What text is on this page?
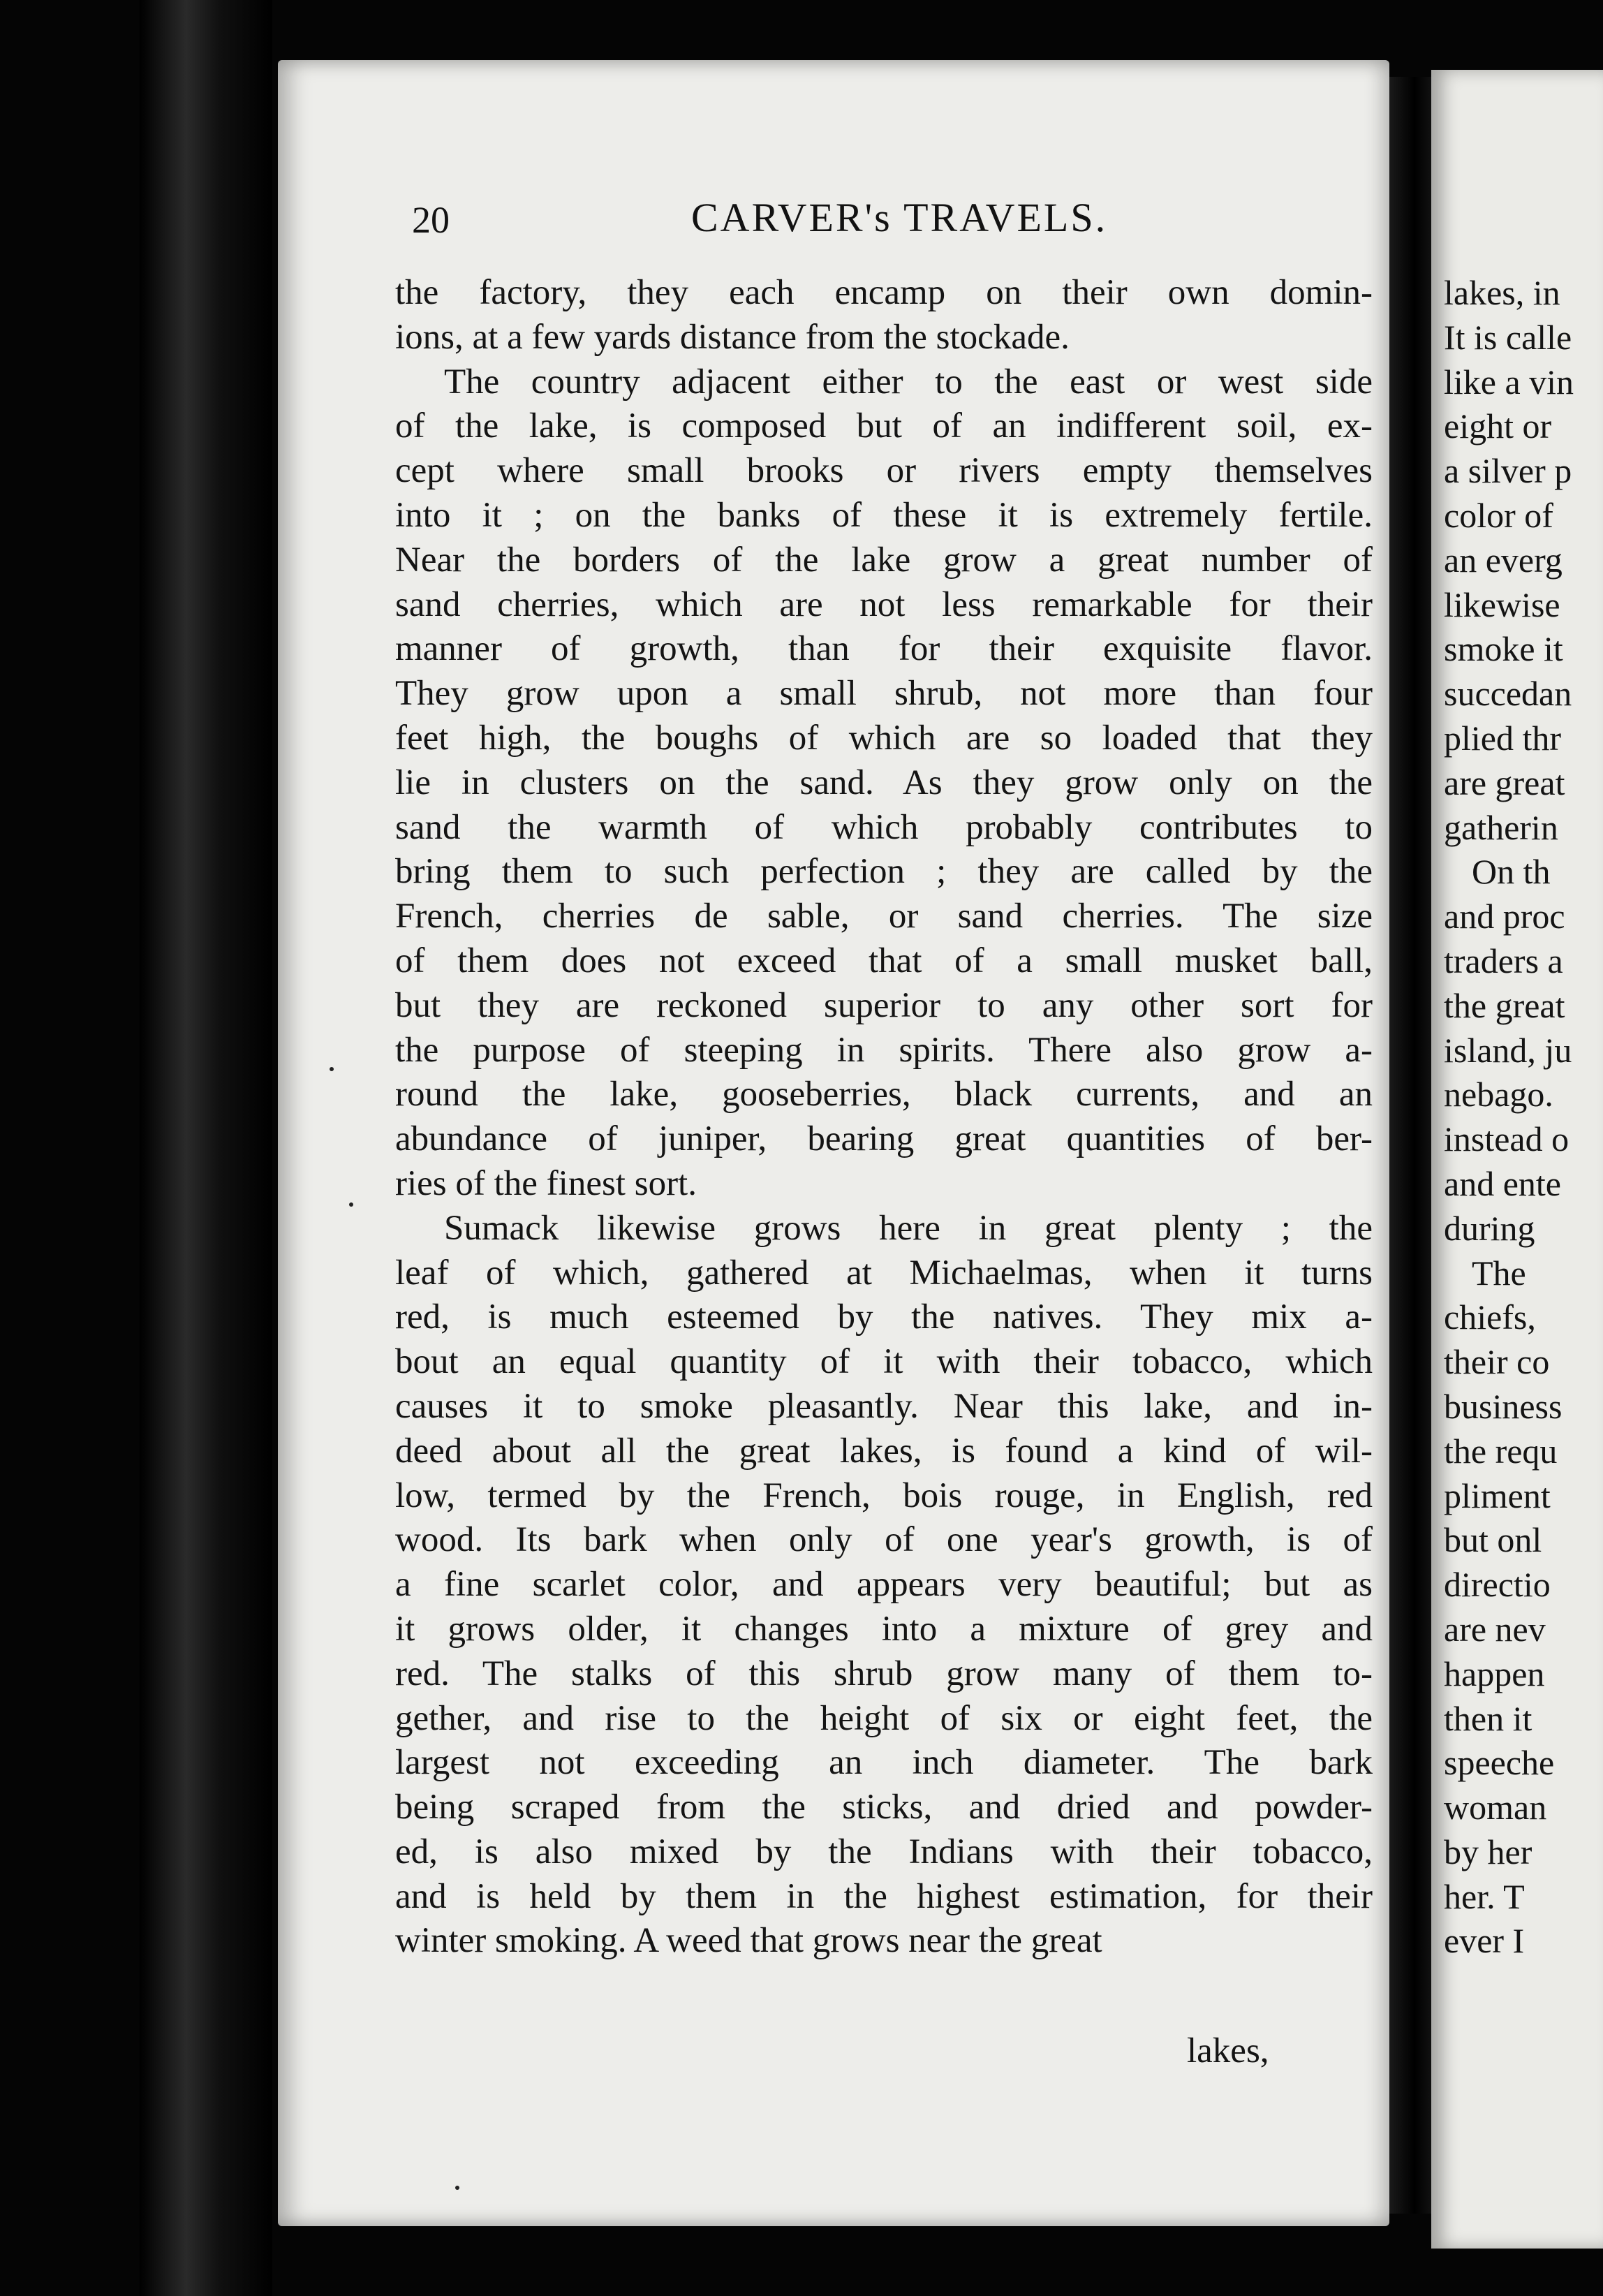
20	CARVER's TRAVELS.
the factory, they each encamp on their own domin-
ions, at a few yards distance from the stockade.
The country adjacent either to the east or west side
of the lake, is composed but of an indifferent soil, ex-
cept where small brooks or rivers empty themselves
into it ; on the banks of these it is extremely fertile.
Near the borders of the lake grow a great number of
sand cherries, which are not less remarkable for their
manner of growth, than for their exquisite flavor.
They grow upon a small shrub, not more than four
feet high, the boughs of which are so loaded that they
lie in clusters on the sand. As they grow only on the
sand the warmth of which probably contributes to
bring them to such perfection ; they are called by the
French, cherries de sable, or sand cherries. The size
of them does not exceed that of a small musket ball,
but they are reckoned superior to any other sort for
the purpose of steeping in spirits. There also grow a-
round the lake, gooseberries, black currents, and an
abundance of juniper, bearing great quantities of ber-
ries of the finest sort.
Sumack likewise grows here in great plenty ; the
leaf of which, gathered at Michaelmas, when it turns
red, is much esteemed by the natives. They mix a-
bout an equal quantity of it with their tobacco, which
causes it to smoke pleasantly. Near this lake, and in-
deed about all the great lakes, is found a kind of wil-
low, termed by the French, bois rouge, in English, red
wood. Its bark when only of one year's growth, is of
a fine scarlet color, and appears very beautiful; but as
it grows older, it changes into a mixture of grey and
red. The stalks of this shrub grow many of them to-
gether, and rise to the height of six or eight feet, the
largest not exceeding an inch diameter. The bark
being scraped from the sticks, and dried and powder-
ed, is also mixed by the Indians with their tobacco,
and is held by them in the highest estimation, for their
winter smoking. A weed that grows near the great
lakes,
lakes, in
It is calle
like a vin
eight or
a silver p
color of
an everg
likewise
smoke it
succedan
plied thr
are great
gatherin
On th
and proc
traders a
the great
island, ju
nebago.
instead o
and ente
during
The
chiefs,
their co
business
the requ
pliment
but onl
directio
are nev
happen
then it
speeche
woman
by her
her. T
ever I
